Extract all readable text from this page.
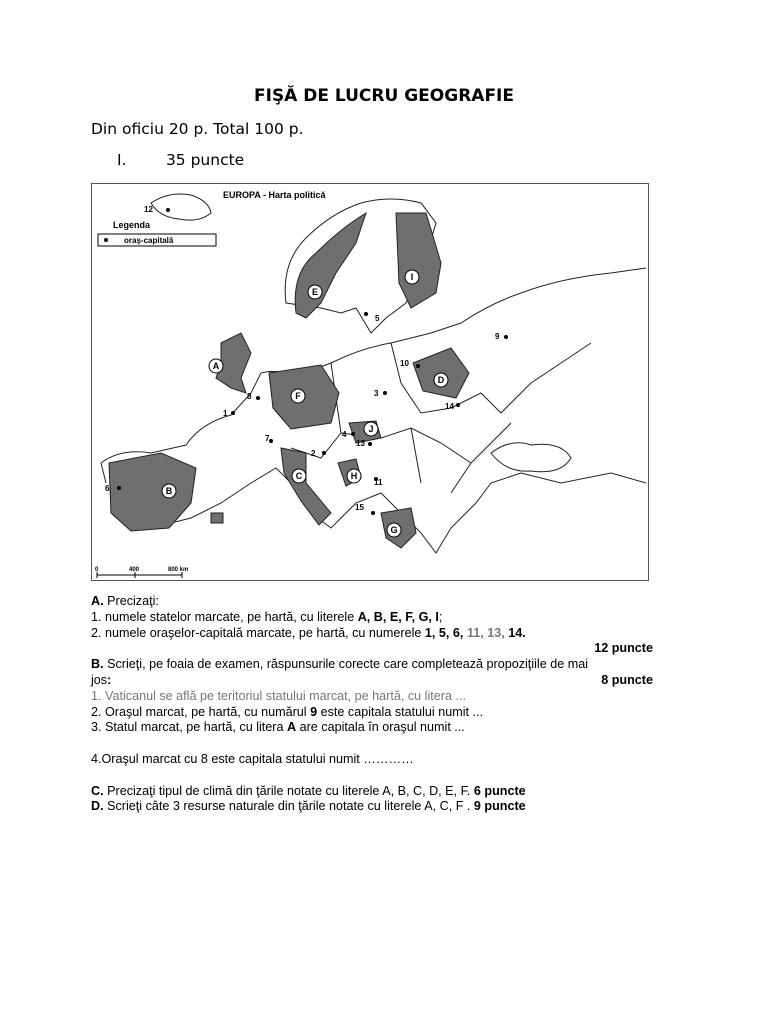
FIŞĂ DE LUCRU GEOGRAFIE
Din oficiu 20 p. Total 100 p.
I.	35 puncte
A
B
C
D
E
F
G
H
I
J
1
2
3
4
5
6
7
8
9
10
11
12
13
14
15
EUROPA - Harta politică
Legenda
oraş-capitală
0	400	800 km

A. Precizaţi:

1. numele statelor marcate, pe hartă, cu literele A, B, E, F, G, I;

2. numele oraşelor-capitală marcate, pe hartă, cu numerele 1, 5, 6, 11, 13, 14.

12 puncte

B. Scrieţi, pe foaia de examen, răspunsurile corecte care completează propoziţiile de mai

jos:	8 puncte

1. Vaticanul se află pe teritoriul statului marcat, pe hartă, cu litera ...

2. Oraşul marcat, pe hartă, cu numărul 9 este capitala statului numit ...

3. Statul marcat, pe hartă, cu litera A are capitala în oraşul numit ...

4.Oraşul marcat cu 8 este capitala statului numit …………

C. Precizaţi tipul de climă din ţările notate cu literele A, B, C, D, E, F. 6 puncte

D. Scrieţi câte 3 resurse naturale din ţările notate cu literele A, C, F . 9 puncte
